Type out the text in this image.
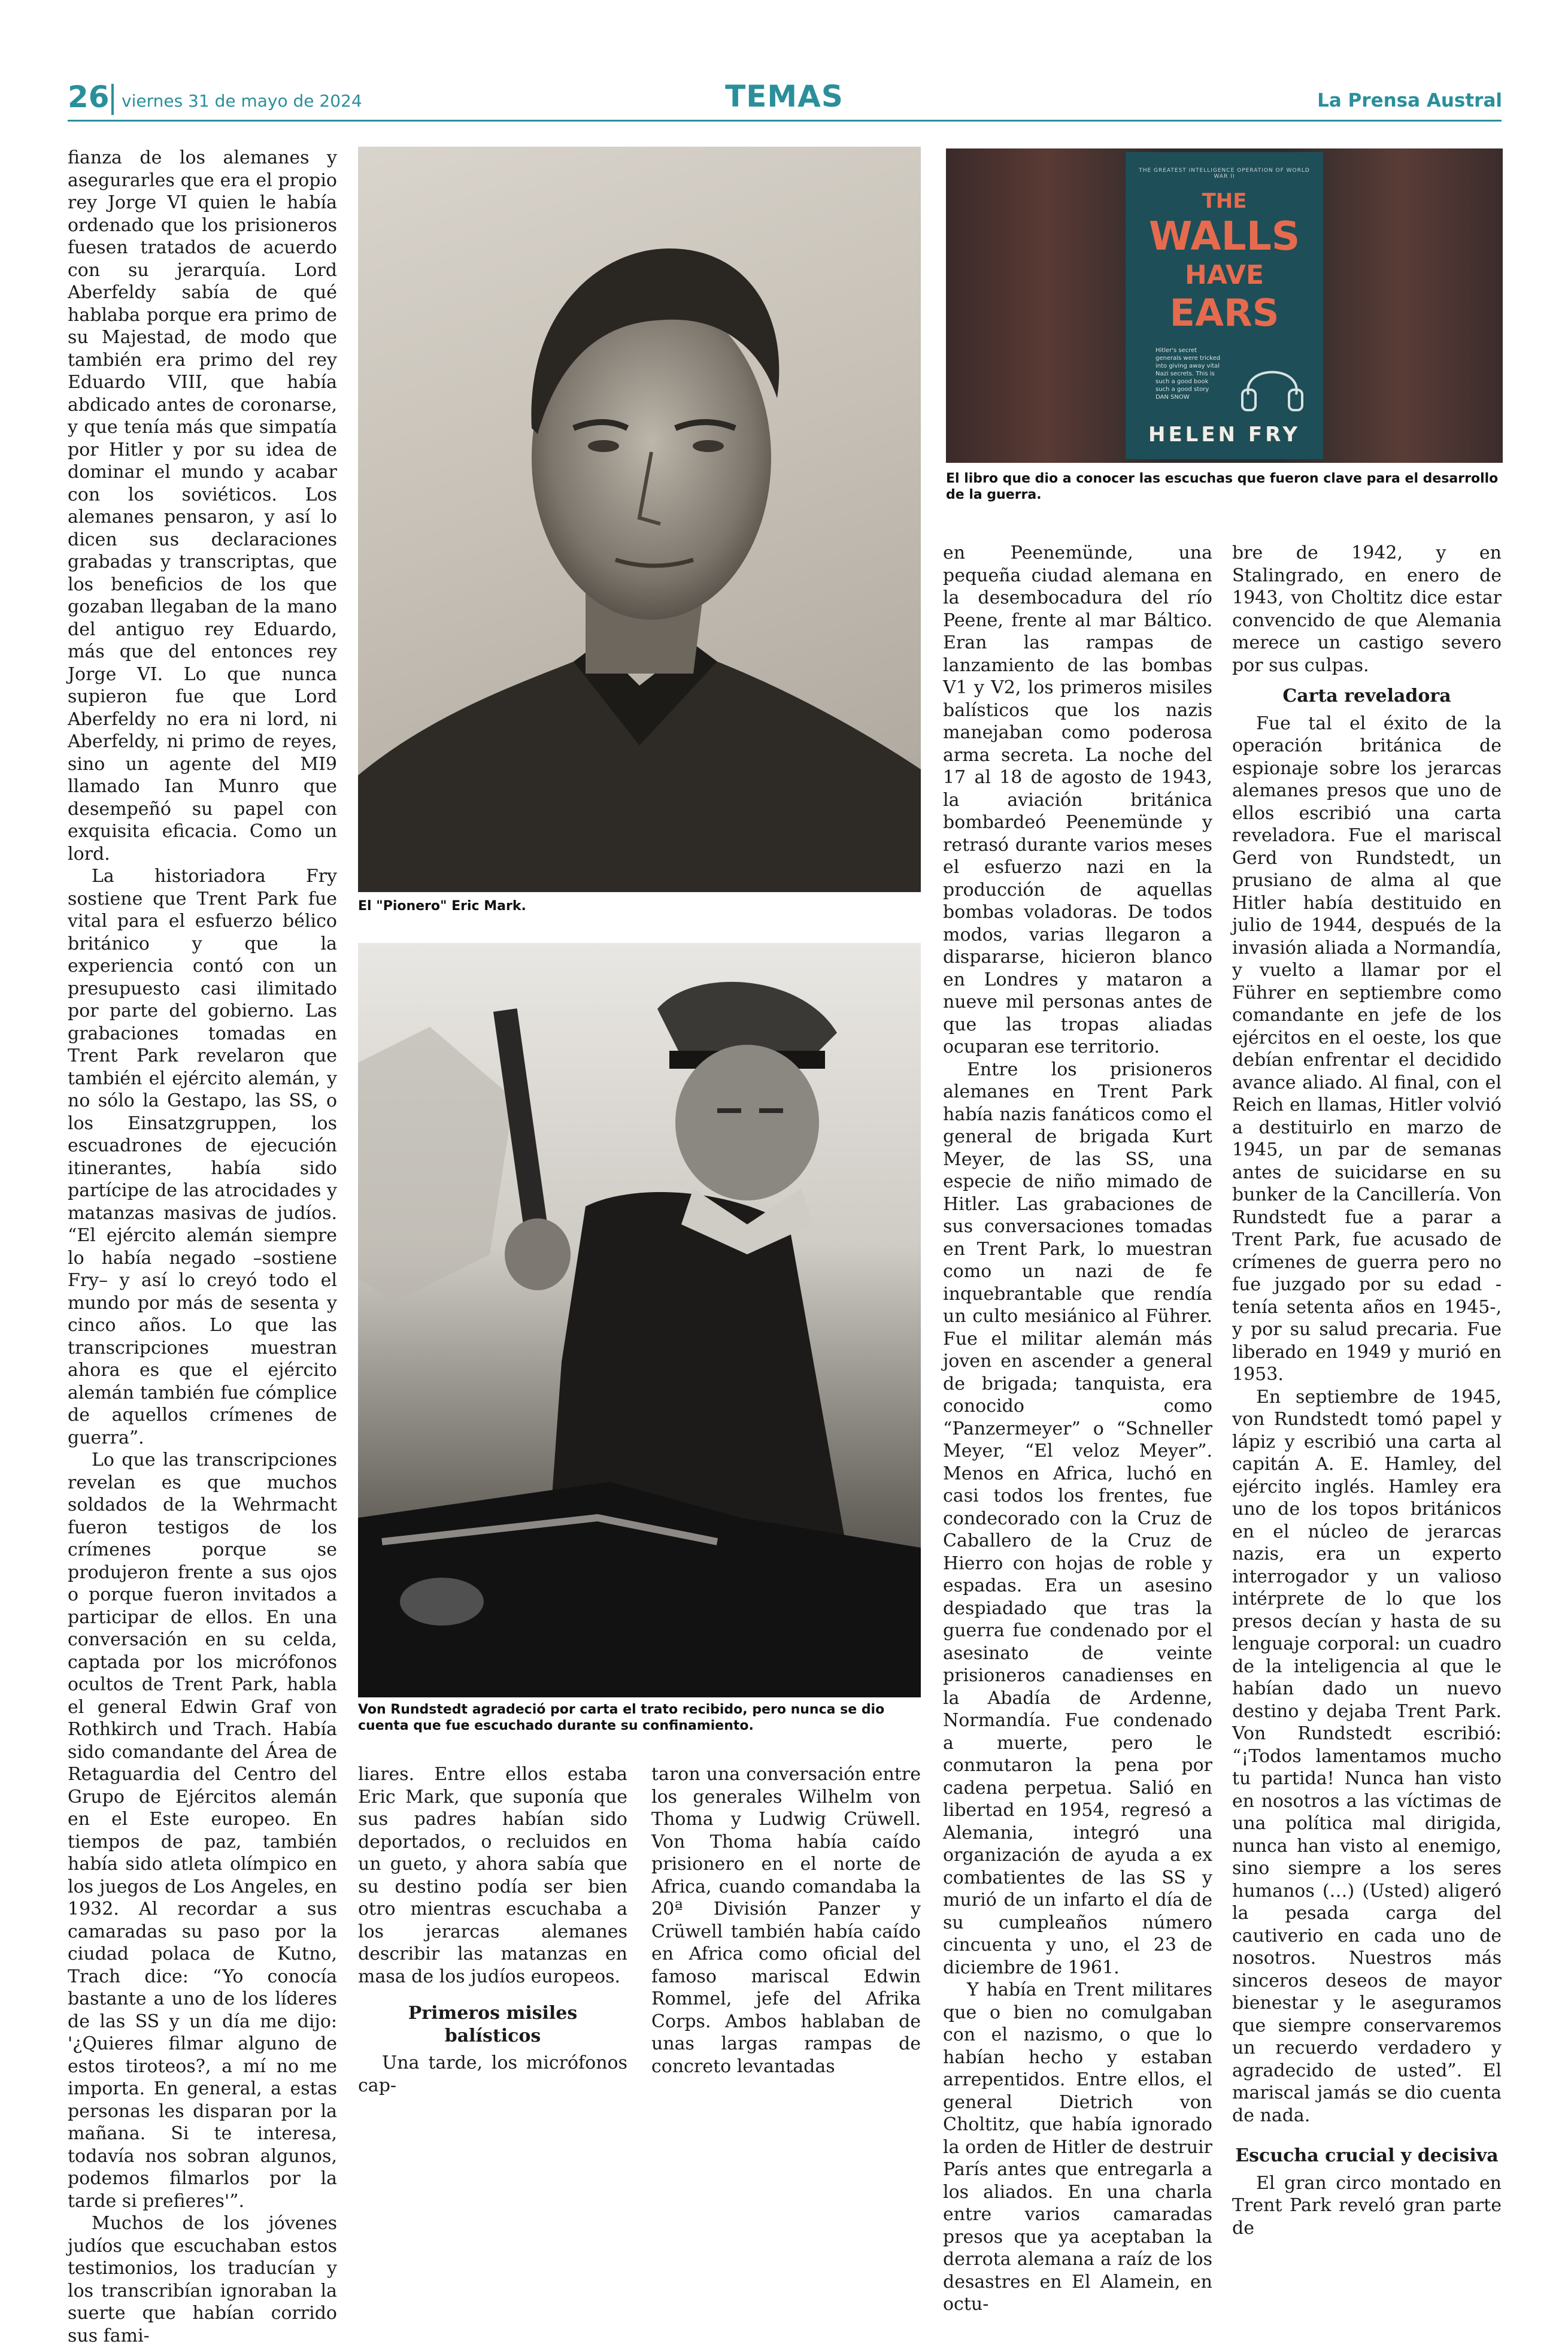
26 viernes 31 de mayo de 2024	TEMAS	La Prensa Austral

fianza de los alemanes y asegurarles que era el propio rey Jorge VI quien le había ordenado que los prisioneros fuesen tratados de acuerdo con su jerarquía. Lord Aberfeldy sabía de qué hablaba porque era primo de su Majestad, de modo que también era primo del rey Eduardo VIII, que había abdicado antes de coronarse, y que tenía más que simpatía por Hitler y por su idea de dominar el mundo y acabar con los soviéticos. Los alemanes pensaron, y así lo dicen sus declaraciones grabadas y transcriptas, que los beneficios de los que gozaban llegaban de la mano del antiguo rey Eduardo, más que del entonces rey Jorge VI. Lo que nunca supieron fue que Lord Aberfeldy no era ni lord, ni Aberfeldy, ni primo de reyes, sino un agente del MI9 llamado Ian Munro que desempeñó su papel con exquisita eficacia. Como un lord.

La historiadora Fry sostiene que Trent Park fue vital para el esfuerzo bélico británico y que la experiencia contó con un presupuesto casi ilimitado por parte del gobierno. Las grabaciones tomadas en Trent Park revelaron que también el ejército alemán, y no sólo la Gestapo, las SS, o los Einsatzgruppen, los escuadrones de ejecución itinerantes, había sido partícipe de las atrocidades y matanzas masivas de judíos. “El ejército alemán siempre lo había negado –sostiene Fry– y así lo creyó todo el mundo por más de sesenta y cinco años. Lo que las transcripciones muestran ahora es que el ejército alemán también fue cómplice de aquellos crímenes de guerra”.

Lo que las transcripciones revelan es que muchos soldados de la Wehrmacht fueron testigos de los crímenes porque se produjeron frente a sus ojos o porque fueron invitados a participar de ellos. En una conversación en su celda, captada por los micrófonos ocultos de Trent Park, habla el general Edwin Graf von Rothkirch und Trach. Había sido comandante del Área de Retaguardia del Centro del Grupo de Ejércitos alemán en el Este europeo. En tiempos de paz, también había sido atleta olímpico en los juegos de Los Angeles, en 1932. Al recordar a sus camaradas su paso por la ciudad polaca de Kutno, Trach dice: “Yo conocía bastante a uno de los líderes de las SS y un día me dijo: '¿Quieres filmar alguno de estos tiroteos?, a mí no me importa. En general, a estas personas les disparan por la mañana. Si te interesa, todavía nos sobran algunos, podemos filmarlos por la tarde si prefieres'”.

Muchos de los jóvenes judíos que escuchaban estos testimonios, los traducían y los transcribían ignoraban la suerte que habían corrido sus fami-

El "Pionero" Eric Mark.
Von Rundstedt agradeció por carta el trato recibido, pero nunca se dio cuenta que fue escuchado durante su confinamiento.

liares. Entre ellos estaba Eric Mark, que suponía que sus padres habían sido deportados, o recluidos en un gueto, y ahora sabía que su destino podía ser bien otro mientras escuchaba a los jerarcas alemanes describir las matanzas en masa de los judíos europeos.

Primeros misiles balísticos

Una tarde, los micrófonos cap-

taron una conversación entre los generales Wilhelm von Thoma y Ludwig Crüwell. Von Thoma había caído prisionero en el norte de Africa, cuando comandaba la 20ª División Panzer y Crüwell también había caído en Africa como oficial del famoso mariscal Edwin Rommel, jefe del Afrika Corps. Ambos hablaban de unas largas rampas de concreto levantadas

THE GREATEST INTELLIGENCE OPERATION OF WORLD WAR II
THE
WALLS
HAVE
EARS
Hitler's secret generals were tricked into giving away vital Nazi secrets. This is such a good book such a good story DAN SNOW
HELEN FRY
El libro que dio a conocer las escuchas que fueron clave para el desarrollo de la guerra.

en Peenemünde, una pequeña ciudad alemana en la desembocadura del río Peene, frente al mar Báltico. Eran las rampas de lanzamiento de las bombas V1 y V2, los primeros misiles balísticos que los nazis manejaban como poderosa arma secreta. La noche del 17 al 18 de agosto de 1943, la aviación británica bombardeó Peenemünde y retrasó durante varios meses el esfuerzo nazi en la producción de aquellas bombas voladoras. De todos modos, varias llegaron a dispararse, hicieron blanco en Londres y mataron a nueve mil personas antes de que las tropas aliadas ocuparan ese territorio.

Entre los prisioneros alemanes en Trent Park había nazis fanáticos como el general de brigada Kurt Meyer, de las SS, una especie de niño mimado de Hitler. Las grabaciones de sus conversaciones tomadas en Trent Park, lo muestran como un nazi de fe inquebrantable que rendía un culto mesiánico al Führer. Fue el militar alemán más joven en ascender a general de brigada; tanquista, era conocido como “Panzermeyer” o “Schneller Meyer, “El veloz Meyer”. Menos en Africa, luchó en casi todos los frentes, fue condecorado con la Cruz de Caballero de la Cruz de Hierro con hojas de roble y espadas. Era un asesino despiadado que tras la guerra fue condenado por el asesinato de veinte prisioneros canadienses en la Abadía de Ardenne, Normandía. Fue condenado a muerte, pero le conmutaron la pena por cadena perpetua. Salió en libertad en 1954, regresó a Alemania, integró una organización de ayuda a ex combatientes de las SS y murió de un infarto el día de su cumpleaños número cincuenta y uno, el 23 de diciembre de 1961.

Y había en Trent militares que o bien no comulgaban con el nazismo, o que lo habían hecho y estaban arrepentidos. Entre ellos, el general Dietrich von Choltitz, que había ignorado la orden de Hitler de destruir París antes que entregarla a los aliados. En una charla entre varios camaradas presos que ya aceptaban la derrota alemana a raíz de los desastres en El Alamein, en octu-

bre de 1942, y en Stalingrado, en enero de 1943, von Choltitz dice estar convencido de que Alemania merece un castigo severo por sus culpas.

Carta reveladora

Fue tal el éxito de la operación británica de espionaje sobre los jerarcas alemanes presos que uno de ellos escribió una carta reveladora. Fue el mariscal Gerd von Rundstedt, un prusiano de alma al que Hitler había destituido en julio de 1944, después de la invasión aliada a Normandía, y vuelto a llamar por el Führer en septiembre como comandante en jefe de los ejércitos en el oeste, los que debían enfrentar el decidido avance aliado. Al final, con el Reich en llamas, Hitler volvió a destituirlo en marzo de 1945, un par de semanas antes de suicidarse en su bunker de la Cancillería. Von Rundstedt fue a parar a Trent Park, fue acusado de crímenes de guerra pero no fue juzgado por su edad -tenía setenta años en 1945-, y por su salud precaria. Fue liberado en 1949 y murió en 1953.

En septiembre de 1945, von Rundstedt tomó papel y lápiz y escribió una carta al capitán A. E. Hamley, del ejército inglés. Hamley era uno de los topos británicos en el núcleo de jerarcas nazis, era un experto interrogador y un valioso intérprete de lo que los presos decían y hasta de su lenguaje corporal: un cuadro de la inteligencia al que le habían dado un nuevo destino y dejaba Trent Park. Von Rundstedt escribió: “¡Todos lamentamos mucho tu partida! Nunca han visto en nosotros a las víctimas de una política mal dirigida, nunca han visto al enemigo, sino siempre a los seres humanos (…) (Usted) aligeró la pesada carga del cautiverio en cada uno de nosotros. Nuestros más sinceros deseos de mayor bienestar y le aseguramos que siempre conservaremos un recuerdo verdadero y agradecido de usted”. El mariscal jamás se dio cuenta de nada.

Escucha crucial y decisiva

El gran circo montado en Trent Park reveló gran parte de
